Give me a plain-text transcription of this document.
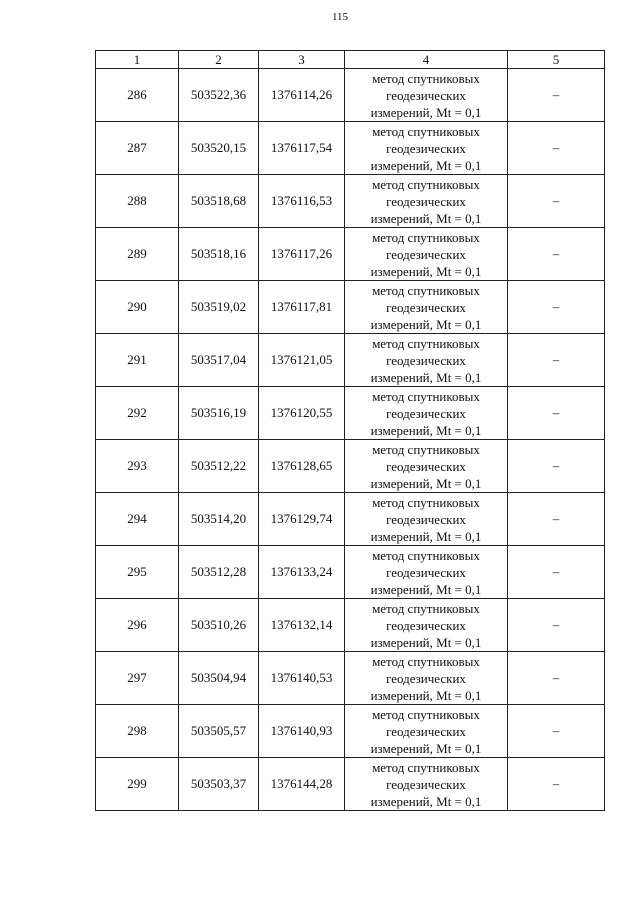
115
1	2	3	4	5
286	503522,36	1376114,26	метод спутниковых
геодезических
измерений, Mt = 0,1	–
287	503520,15	1376117,54	метод спутниковых
геодезических
измерений, Mt = 0,1	–
288	503518,68	1376116,53	метод спутниковых
геодезических
измерений, Mt = 0,1	–
289	503518,16	1376117,26	метод спутниковых
геодезических
измерений, Mt = 0,1	–
290	503519,02	1376117,81	метод спутниковых
геодезических
измерений, Mt = 0,1	–
291	503517,04	1376121,05	метод спутниковых
геодезических
измерений, Mt = 0,1	–
292	503516,19	1376120,55	метод спутниковых
геодезических
измерений, Mt = 0,1	–
293	503512,22	1376128,65	метод спутниковых
геодезических
измерений, Mt = 0,1	–
294	503514,20	1376129,74	метод спутниковых
геодезических
измерений, Mt = 0,1	–
295	503512,28	1376133,24	метод спутниковых
геодезических
измерений, Mt = 0,1	–
296	503510,26	1376132,14	метод спутниковых
геодезических
измерений, Mt = 0,1	–
297	503504,94	1376140,53	метод спутниковых
геодезических
измерений, Mt = 0,1	–
298	503505,57	1376140,93	метод спутниковых
геодезических
измерений, Mt = 0,1	–
299	503503,37	1376144,28	метод спутниковых
геодезических
измерений, Mt = 0,1	–
